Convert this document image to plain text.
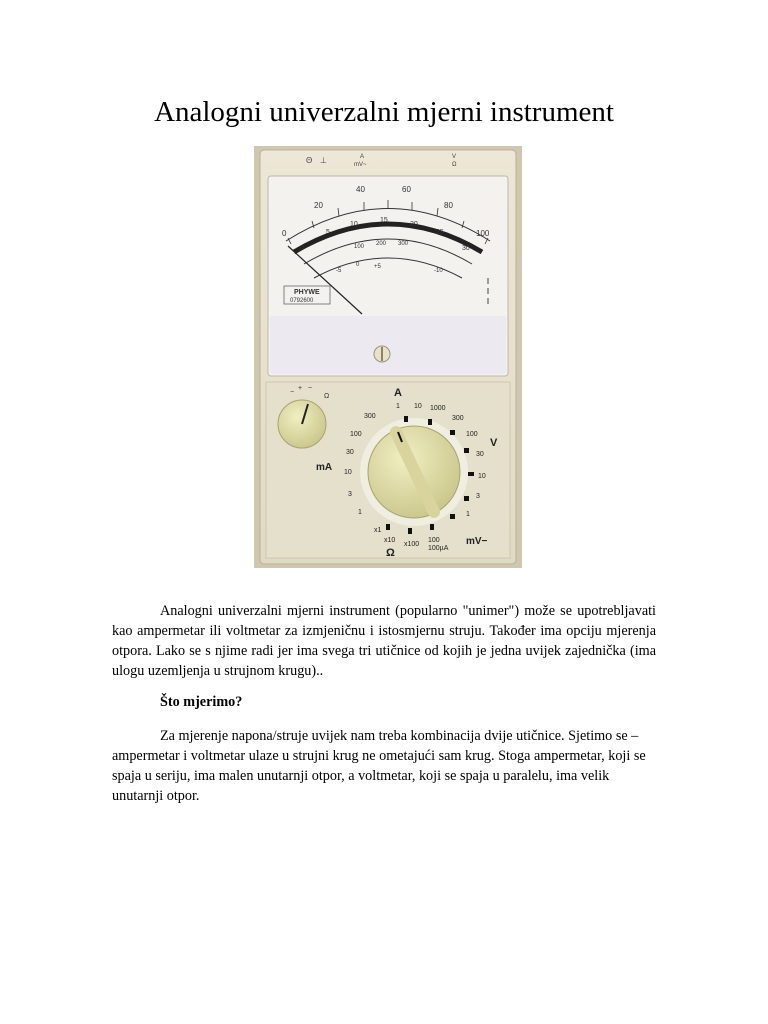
Analogni univerzalni mjerni instrument
Θ ⊥	A
mV~
V
Ω
0
20
40	60
80
100
0
5
10
15
20
25
30
100 200 300
-5
0 +5
-10
PHYWE
0792600
−
+ ~
Ω	A
1 10
300
100
30
10
3
1
mA
1000
300
100
30
10
3
1
V
x1
x10
x100
100
100µA
Ω
mV−

Analogni univerzalni mjerni instrument (popularno "unimer") može se upotrebljavati kao ampermetar ili voltmetar za izmjeničnu i istosmjernu struju. Također ima opciju mjerenja otpora. Lako se s njime radi jer ima svega tri utičnice od kojih je jedna uvijek zajednička (ima ulogu uzemljenja u strujnom krugu)..

Što mjerimo?

Za mjerenje napona/struje uvijek nam treba kombinacija dvije utičnice. Sjetimo se – ampermetar i voltmetar ulaze u strujni krug ne ometajući sam krug. Stoga ampermetar, koji se spaja u seriju, ima malen unutarnji otpor, a voltmetar, koji se spaja u paralelu, ima velik unutarnji otpor.
